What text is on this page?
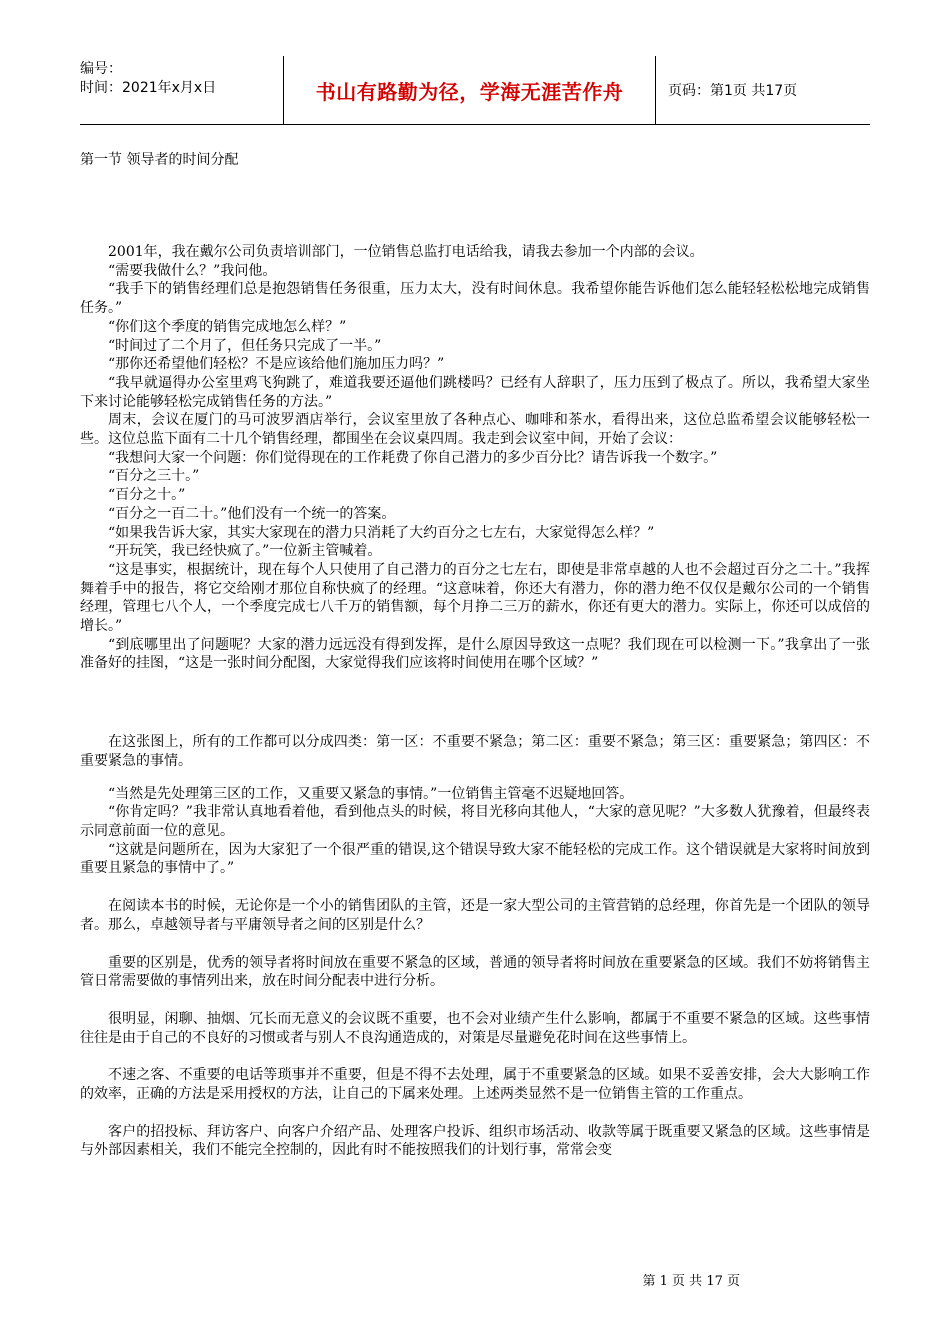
编号：
时间：2021年x月x日	书山有路勤为径，学海无涯苦作舟	页码：第1页 共17页
第一节 领导者的时间分配

2001年，我在戴尔公司负责培训部门，一位销售总监打电话给我，请我去参加一个内部的会议。

“需要我做什么？”我问他。

“我手下的销售经理们总是抱怨销售任务很重，压力太大，没有时间休息。我希望你能告诉他们怎么能轻轻松松地完成销售任务。”

“你们这个季度的销售完成地怎么样？”

“时间过了二个月了，但任务只完成了一半。”

“那你还希望他们轻松？不是应该给他们施加压力吗？”

“我早就逼得办公室里鸡飞狗跳了，难道我要还逼他们跳楼吗？已经有人辞职了，压力压到了极点了。所以，我希望大家坐下来讨论能够轻松完成销售任务的方法。”

周末，会议在厦门的马可波罗酒店举行，会议室里放了各种点心、咖啡和茶水，看得出来，这位总监希望会议能够轻松一些。这位总监下面有二十几个销售经理，都围坐在会议桌四周。我走到会议室中间，开始了会议：

“我想问大家一个问题：你们觉得现在的工作耗费了你自己潜力的多少百分比？请告诉我一个数字。”

“百分之三十。”

“百分之十。”

“百分之一百二十。”他们没有一个统一的答案。

“如果我告诉大家，其实大家现在的潜力只消耗了大约百分之七左右，大家觉得怎么样？”

“开玩笑，我已经快疯了。”一位新主管喊着。

“这是事实，根据统计，现在每个人只使用了自己潜力的百分之七左右，即使是非常卓越的人也不会超过百分之二十。”我挥舞着手中的报告，将它交给刚才那位自称快疯了的经理。“这意味着，你还大有潜力，你的潜力绝不仅仅是戴尔公司的一个销售经理，管理七八个人，一个季度完成七八千万的销售额，每个月挣二三万的薪水，你还有更大的潜力。实际上，你还可以成倍的增长。”

“到底哪里出了问题呢？大家的潜力远远没有得到发挥，是什么原因导致这一点呢？我们现在可以检测一下。”我拿出了一张准备好的挂图，“这是一张时间分配图，大家觉得我们应该将时间使用在哪个区域？”

在这张图上，所有的工作都可以分成四类：第一区：不重要不紧急；第二区：重要不紧急；第三区：重要紧急；第四区：不重要紧急的事情。

“当然是先处理第三区的工作，又重要又紧急的事情。”一位销售主管毫不迟疑地回答。

“你肯定吗？”我非常认真地看着他，看到他点头的时候，将目光移向其他人，“大家的意见呢？”大多数人犹豫着，但最终表示同意前面一位的意见。

“这就是问题所在，因为大家犯了一个很严重的错误,这个错误导致大家不能轻松的完成工作。这个错误就是大家将时间放到重要且紧急的事情中了。”

在阅读本书的时候，无论你是一个小的销售团队的主管，还是一家大型公司的主管营销的总经理，你首先是一个团队的领导者。那么，卓越领导者与平庸领导者之间的区别是什么？

重要的区别是，优秀的领导者将时间放在重要不紧急的区域，普通的领导者将时间放在重要紧急的区域。我们不妨将销售主管日常需要做的事情列出来，放在时间分配表中进行分析。

很明显，闲聊、抽烟、冗长而无意义的会议既不重要，也不会对业绩产生什么影响，都属于不重要不紧急的区域。这些事情往往是由于自己的不良好的习惯或者与别人不良沟通造成的，对策是尽量避免花时间在这些事情上。

不速之客、不重要的电话等琐事并不重要，但是不得不去处理，属于不重要紧急的区域。如果不妥善安排，会大大影响工作的效率，正确的方法是采用授权的方法，让自己的下属来处理。上述两类显然不是一位销售主管的工作重点。

客户的招投标、拜访客户、向客户介绍产品、处理客户投诉、组织市场活动、收款等属于既重要又紧急的区域。这些事情是与外部因素相关，我们不能完全控制的，因此有时不能按照我们的计划行事，常常会变

第 1 页 共 17 页
